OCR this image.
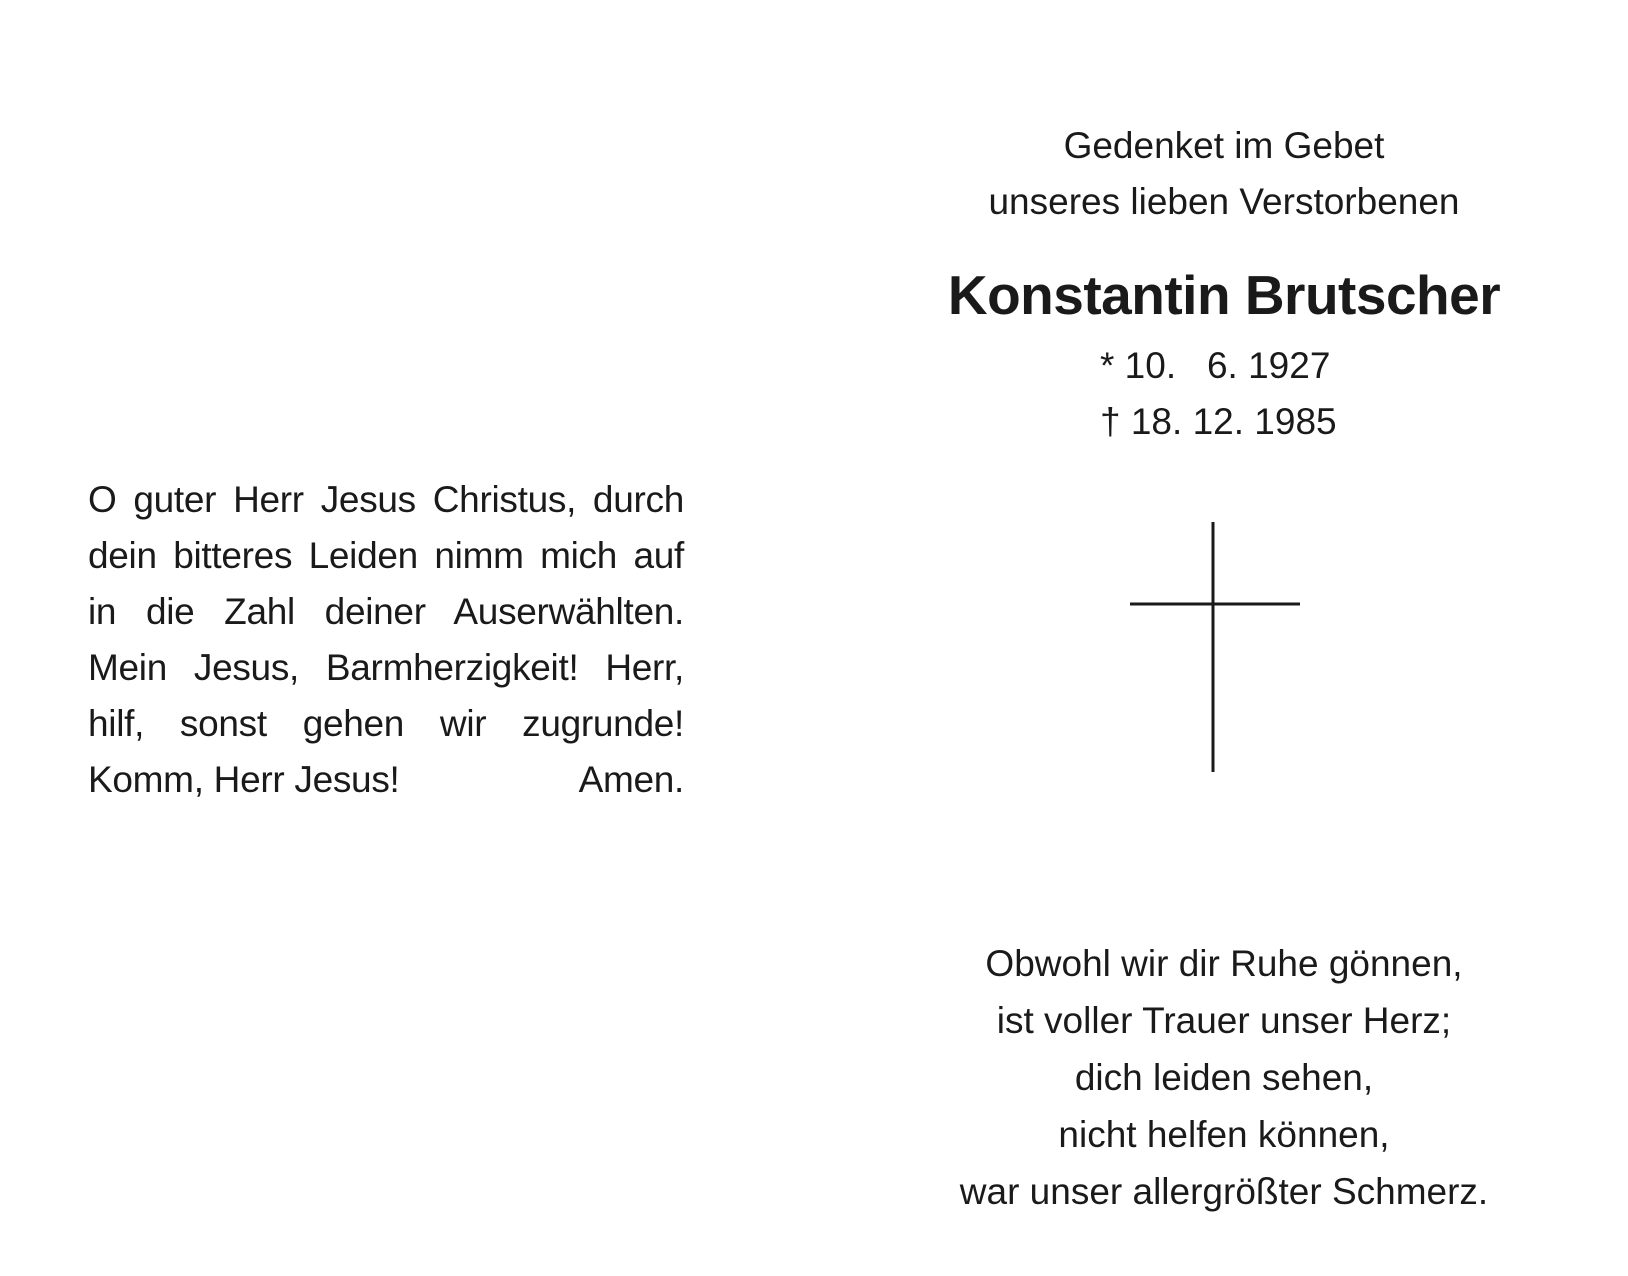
O guter Herr Jesus Christus, durch
dein bitteres Leiden nimm mich auf
in die Zahl deiner Auserwählten.
Mein Jesus, Barmherzigkeit! Herr,
hilf, sonst gehen wir zugrunde!
Komm, Herr Jesus!	Amen.
Gedenket im Gebet
unseres lieben Verstorbenen
Konstantin Brutscher
* 10.   6. 1927
† 18. 12. 1985
Obwohl wir dir Ruhe gönnen,
ist voller Trauer unser Herz;
dich leiden sehen,
nicht helfen können,
war unser allergrößter Schmerz.
